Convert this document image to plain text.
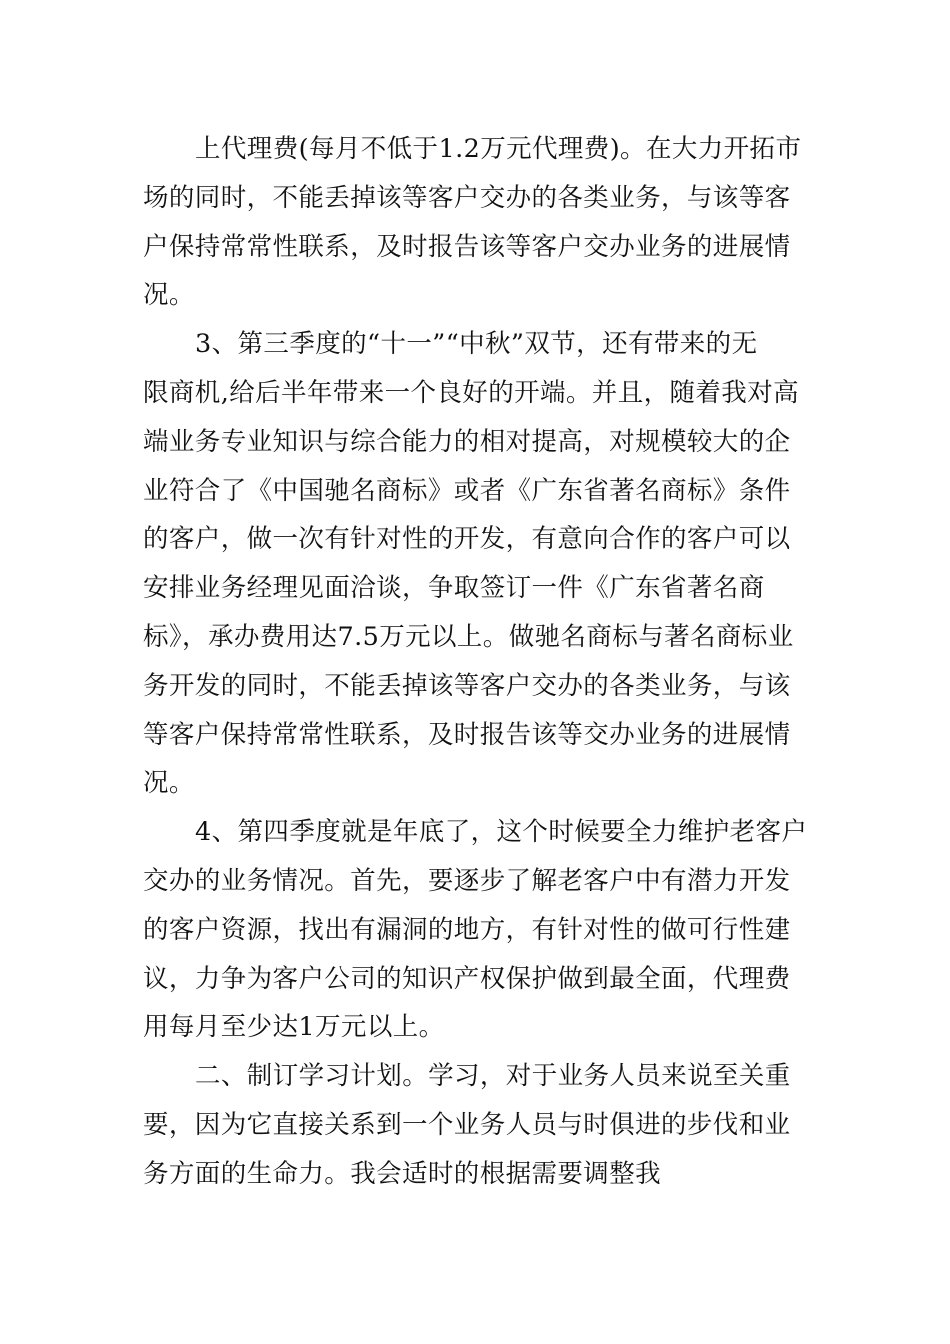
上代理费(每月不低于1.2万元代理费)。在大力开拓市
场的同时，不能丢掉该等客户交办的各类业务，与该等客
户保持常常性联系，及时报告该等客户交办业务的进展情
况。

3、第三季度的“十一”“中秋”双节，还有带来的无
限商机,给后半年带来一个良好的开端。并且，随着我对高
端业务专业知识与综合能力的相对提高，对规模较大的企
业符合了《中国驰名商标》或者《广东省著名商标》条件
的客户，做一次有针对性的开发，有意向合作的客户可以
安排业务经理见面洽谈，争取签订一件《广东省著名商
标》，承办费用达7.5万元以上。做驰名商标与著名商标业
务开发的同时，不能丢掉该等客户交办的各类业务，与该
等客户保持常常性联系，及时报告该等交办业务的进展情
况。

4、第四季度就是年底了，这个时候要全力维护老客户
交办的业务情况。首先，要逐步了解老客户中有潜力开发
的客户资源，找出有漏洞的地方，有针对性的做可行性建
议，力争为客户公司的知识产权保护做到最全面，代理费
用每月至少达1万元以上。

二、制订学习计划。学习，对于业务人员来说至关重
要，因为它直接关系到一个业务人员与时俱进的步伐和业
务方面的生命力。我会适时的根据需要调整我
